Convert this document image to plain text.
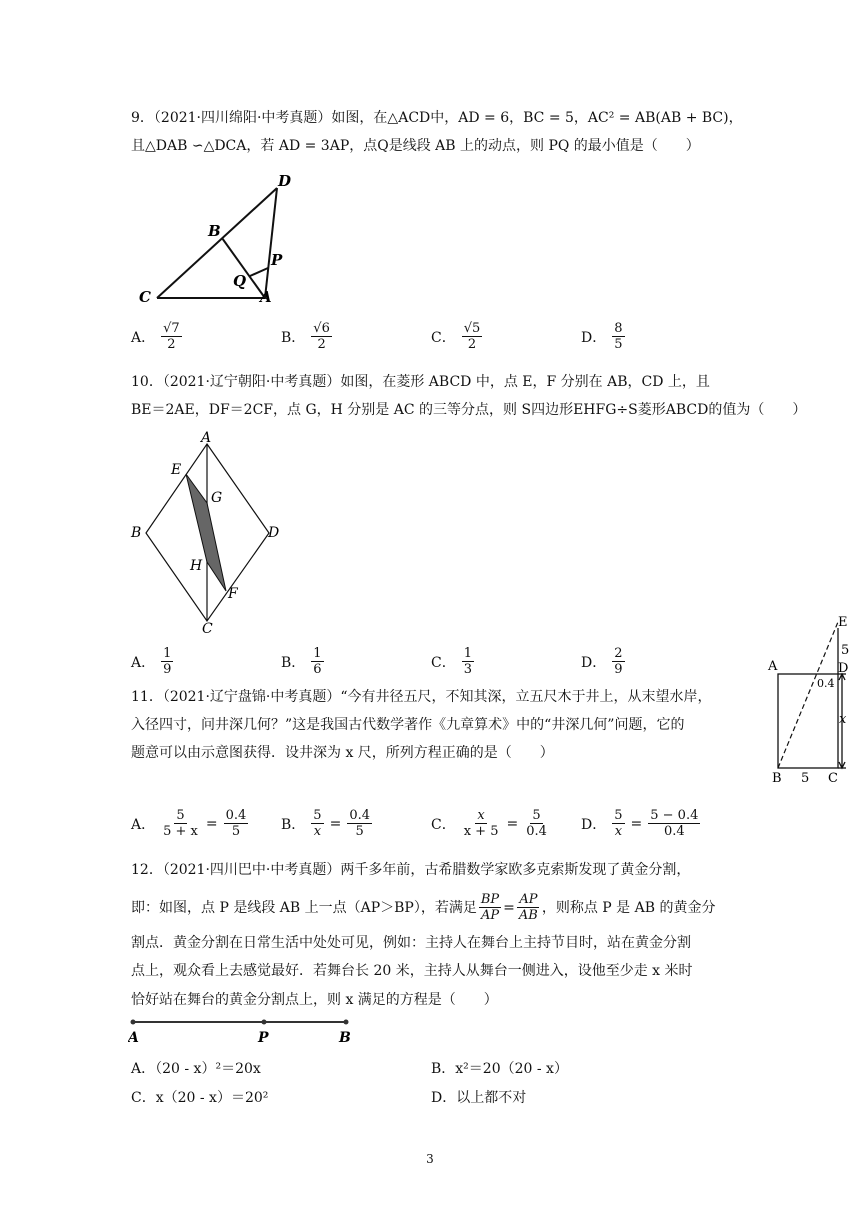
9．（2021·四川绵阳·中考真题）如图，在△ACD中，AD = 6，BC = 5，AC² = AB(AB + BC)，
且△DAB ∽△DCA，若 AD = 3AP，点Q是线段 AB 上的动点，则 PQ 的最小值是（　　）
D
B
P
Q
C	A
A． $\frac{√7}{2}$	B． $\frac{√6}{2}$	C． $\frac{√5}{2}$	D． $\frac{8}{5}$
10．（2021·辽宁朝阳·中考真题）如图，在菱形 ABCD 中，点 E，F 分别在 AB，CD 上，且
BE＝2AE，DF＝2CF，点 G，H 分别是 AC 的三等分点，则 S四边形EHFG÷S菱形ABCD的值为（　　）
A
E
G
B	D
H
F
C
A． $\frac{1}{9}$	B． $\frac{1}{6}$	C． $\frac{1}{3}$	D． $\frac{2}{9}$
11．（2021·辽宁盘锦·中考真题）“今有井径五尺，不知其深，立五尺木于井上，从末望水岸，
入径四寸，问井深几何？”这是我国古代数学著作《九章算术》中的“井深几何”问题，它的
题意可以由示意图获得．设井深为 x 尺，所列方程正确的是（　　）
E
5
A	D
0.4
x
B 5 C
A． $\frac{5}{5 + x} = \frac{0.4}{5}$ B． $\frac{5}{x} = \frac{0.4}{5}$	C． $\frac{x}{x + 5} = \frac{5}{0.4}$ D． $\frac{5}{x} = \frac{5 - 0.4}{0.4}$
12．（2021·四川巴中·中考真题）两千多年前，古希腊数学家欧多克索斯发现了黄金分割，
即：如图，点 P 是线段 AB 上一点（AP＞BP），若满足 $\frac{BP}{AP} = \frac{AP}{AB}$ ，则称点 P 是 AB 的黄金分
割点．黄金分割在日常生活中处处可见，例如：主持人在舞台上主持节目时，站在黄金分割
点上，观众看上去感觉最好．若舞台长 20 米，主持人从舞台一侧进入，设他至少走 x 米时
恰好站在舞台的黄金分割点上，则 x 满足的方程是（　　）
A	P	B
A．（20 - x）²＝20x	B．x²＝20（20 - x）
C．x（20 - x）＝20²	D．以上都不对
3
